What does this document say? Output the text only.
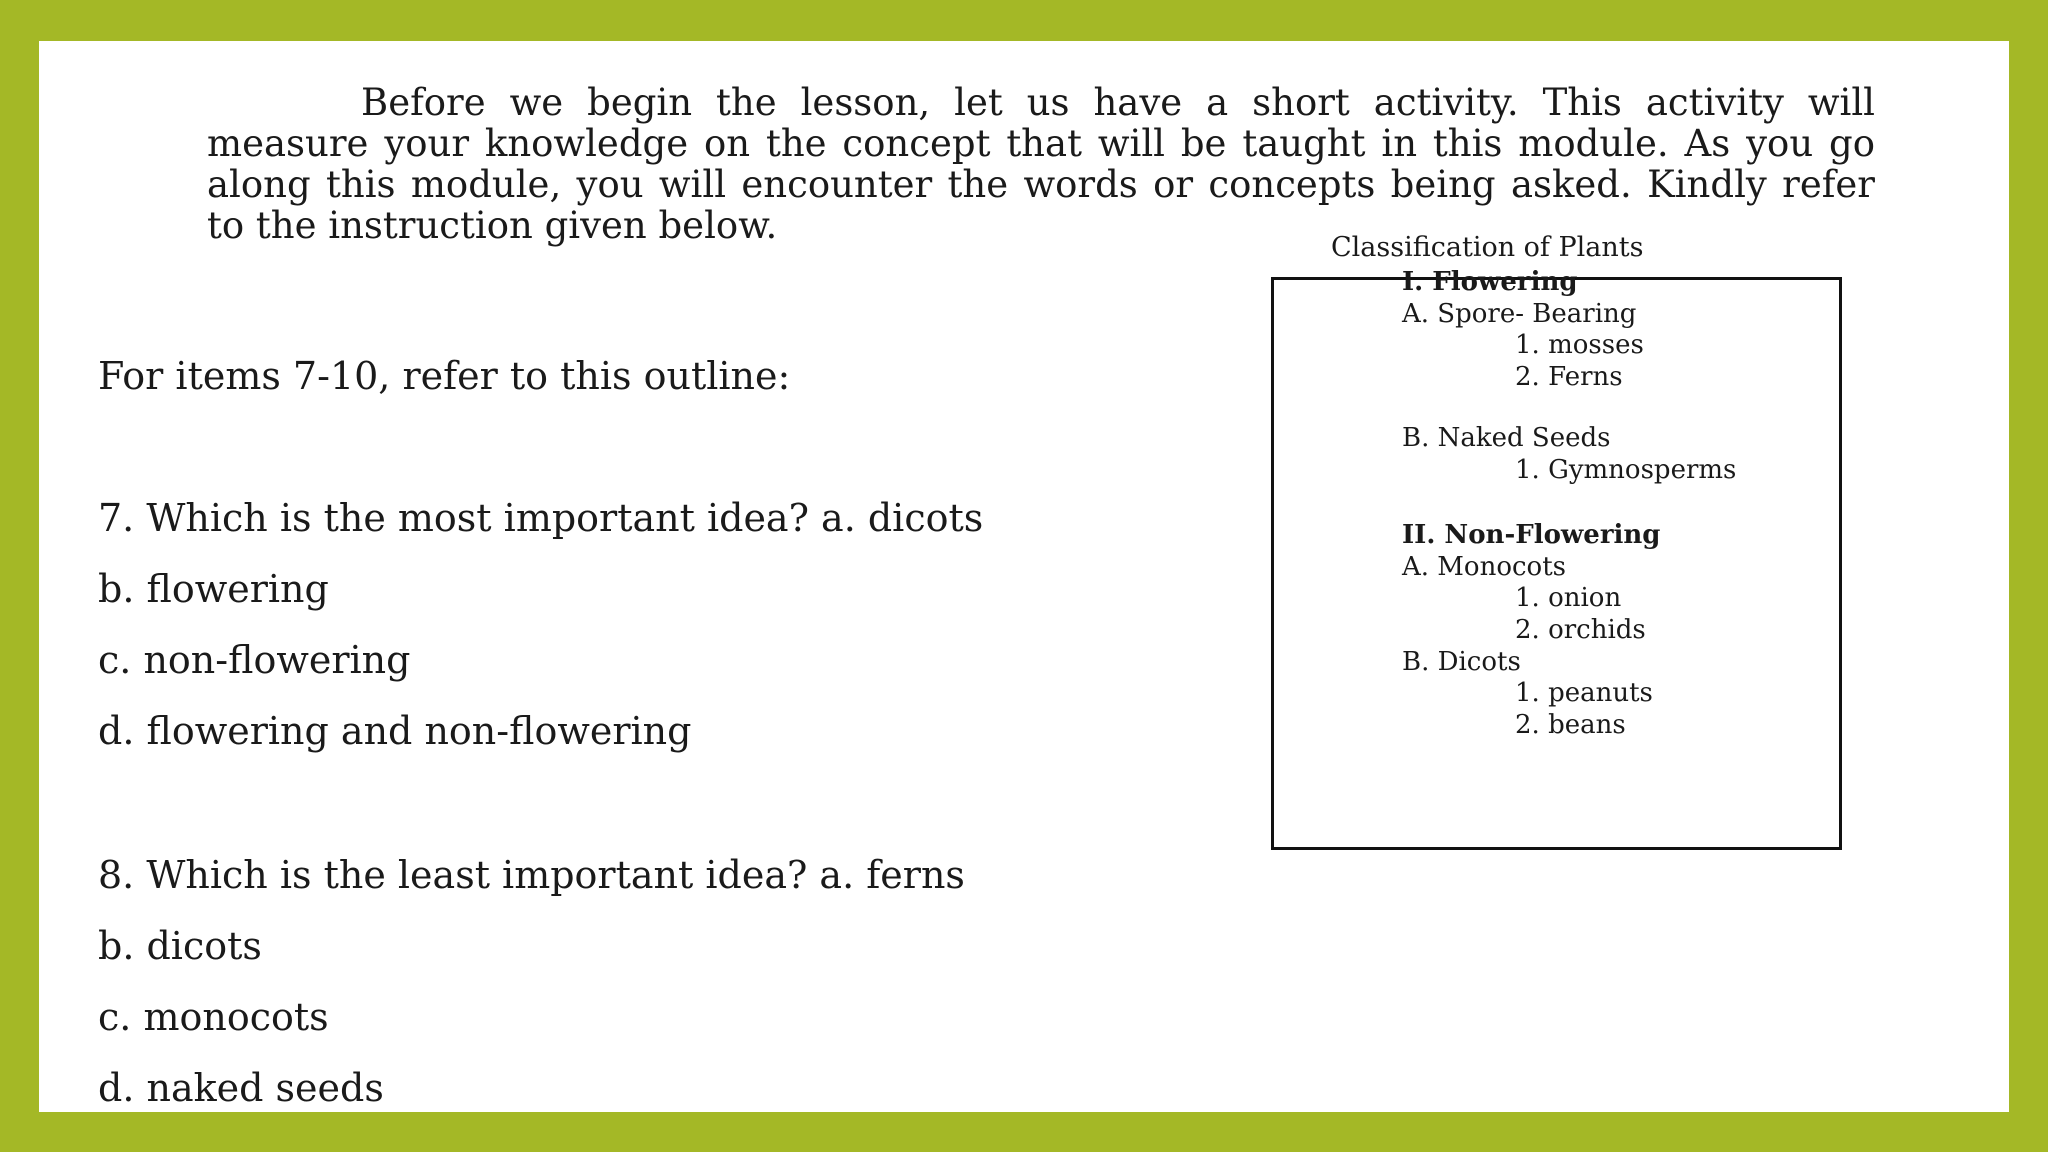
Before we begin the lesson, let us have a short activity. This activity will measure your knowledge on the concept that will be taught in this module. As you go along this module, you will encounter the words or concepts being asked. Kindly refer to the instruction given below.

For items 7-10, refer to this outline:
7. Which is the most important idea? a. dicots
b. flowering
c. non-flowering
d. flowering and non-flowering
8. Which is the least important idea? a. ferns
b. dicots
c. monocots
d. naked seeds
Classification of Plants
I. Flowering
A. Spore- Bearing
1. mosses
2. Ferns
B. Naked Seeds
1. Gymnosperms
II. Non-Flowering
A. Monocots
1. onion
2. orchids
B. Dicots
1. peanuts
2. beans
